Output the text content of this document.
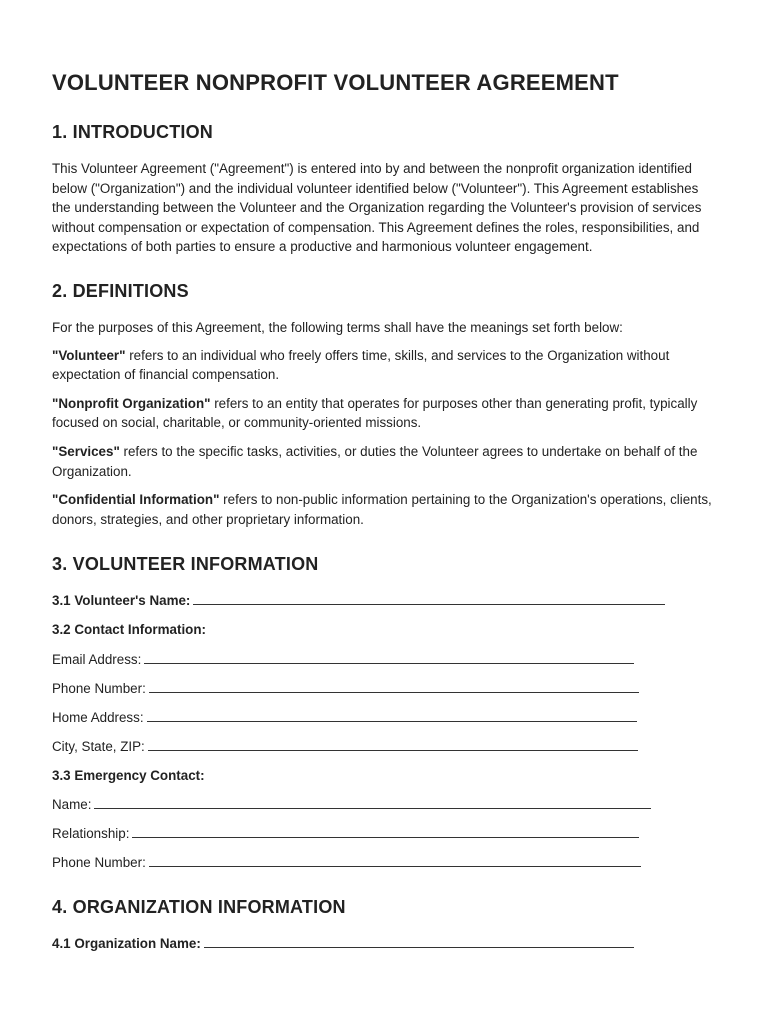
VOLUNTEER NONPROFIT VOLUNTEER AGREEMENT
1. INTRODUCTION

This Volunteer Agreement ("Agreement") is entered into by and between the nonprofit organization identified below ("Organization") and the individual volunteer identified below ("Volunteer"). This Agreement establishes the understanding between the Volunteer and the Organization regarding the Volunteer's provision of services without compensation or expectation of compensation. This Agreement defines the roles, responsibilities, and expectations of both parties to ensure a productive and harmonious volunteer engagement.

2. DEFINITIONS

For the purposes of this Agreement, the following terms shall have the meanings set forth below:

"Volunteer" refers to an individual who freely offers time, skills, and services to the Organization without expectation of financial compensation.

"Nonprofit Organization" refers to an entity that operates for purposes other than generating profit, typically focused on social, charitable, or community-oriented missions.

"Services" refers to the specific tasks, activities, or duties the Volunteer agrees to undertake on behalf of the Organization.

"Confidential Information" refers to non-public information pertaining to the Organization's operations, clients, donors, strategies, and other proprietary information.

3. VOLUNTEER INFORMATION
3.1 Volunteer's Name:
3.2 Contact Information:
Email Address:
Phone Number:
Home Address:
City, State, ZIP:
3.3 Emergency Contact:
Name:
Relationship:
Phone Number:
4. ORGANIZATION INFORMATION
4.1 Organization Name:
